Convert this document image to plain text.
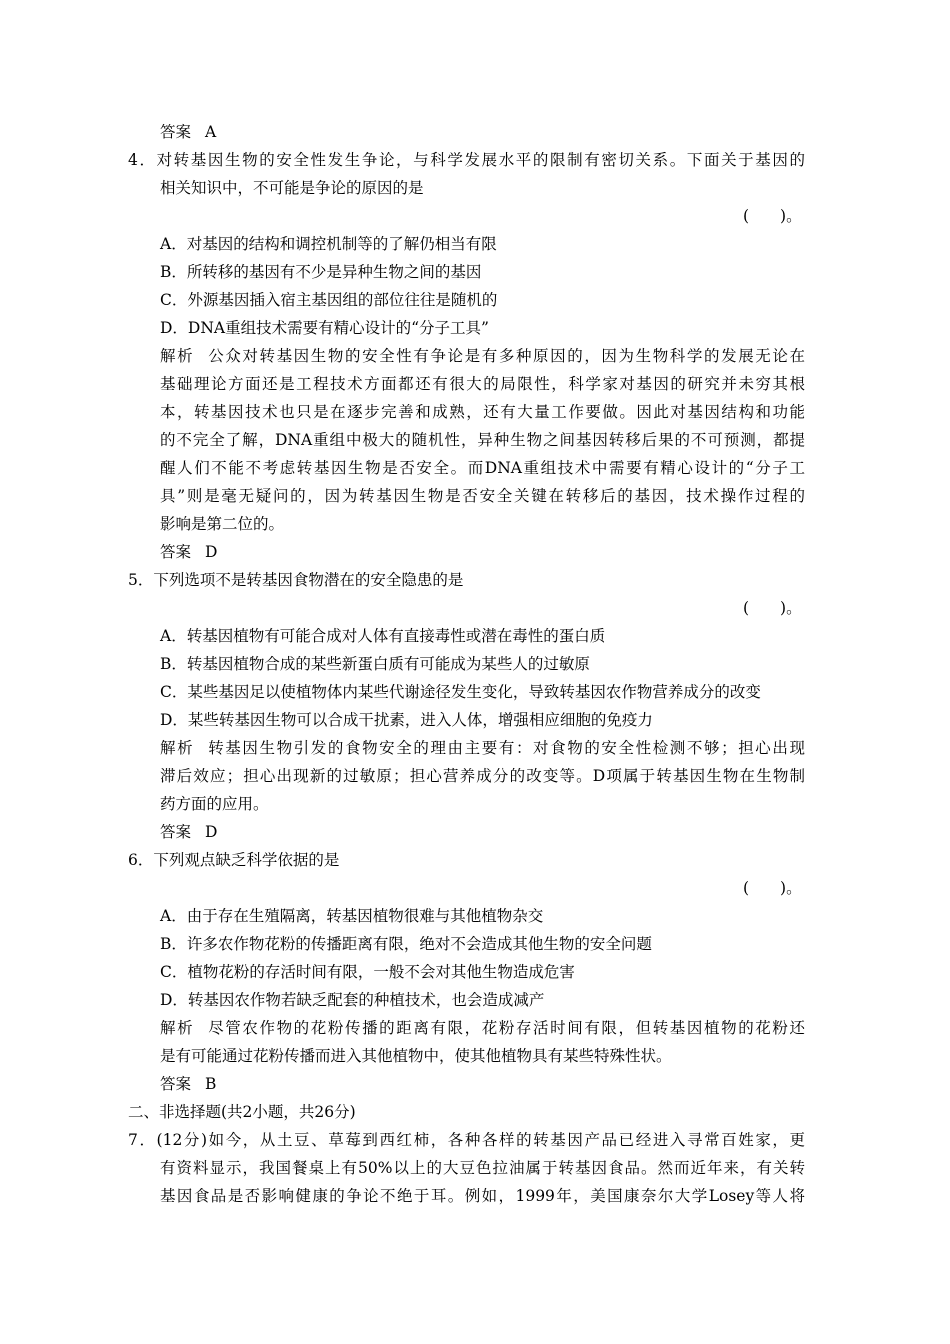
答案 A
4．对转基因生物的安全性发生争论，与科学发展水平的限制有密切关系。下面关于基因的
相关知识中，不可能是争论的原因的是
(　　)。
A．对基因的结构和调控机制等的了解仍相当有限
B．所转移的基因有不少是异种生物之间的基因
C．外源基因插入宿主基因组的部位往往是随机的
D．DNA重组技术需要有精心设计的“分子工具”
解析 公众对转基因生物的安全性有争论是有多种原因的，因为生物科学的发展无论在
基础理论方面还是工程技术方面都还有很大的局限性，科学家对基因的研究并未穷其根
本，转基因技术也只是在逐步完善和成熟，还有大量工作要做。因此对基因结构和功能
的不完全了解，DNA重组中极大的随机性，异种生物之间基因转移后果的不可预测，都提
醒人们不能不考虑转基因生物是否安全。而DNA重组技术中需要有精心设计的“分子工
具”则是毫无疑问的，因为转基因生物是否安全关键在转移后的基因，技术操作过程的
影响是第二位的。
答案 D
5．下列选项不是转基因食物潜在的安全隐患的是
(　　)。
A．转基因植物有可能合成对人体有直接毒性或潜在毒性的蛋白质
B．转基因植物合成的某些新蛋白质有可能成为某些人的过敏原
C．某些基因足以使植物体内某些代谢途径发生变化，导致转基因农作物营养成分的改变
D．某些转基因生物可以合成干扰素，进入人体，增强相应细胞的免疫力
解析 转基因生物引发的食物安全的理由主要有：对食物的安全性检测不够；担心出现
滞后效应；担心出现新的过敏原；担心营养成分的改变等。D项属于转基因生物在生物制
药方面的应用。
答案 D
6．下列观点缺乏科学依据的是
(　　)。
A．由于存在生殖隔离，转基因植物很难与其他植物杂交
B．许多农作物花粉的传播距离有限，绝对不会造成其他生物的安全问题
C．植物花粉的存活时间有限，一般不会对其他生物造成危害
D．转基因农作物若缺乏配套的种植技术，也会造成减产
解析 尽管农作物的花粉传播的距离有限，花粉存活时间有限，但转基因植物的花粉还
是有可能通过花粉传播而进入其他植物中，使其他植物具有某些特殊性状。
答案 B
二、非选择题(共2小题，共26分)
7．(12分)如今，从土豆、草莓到西红柿，各种各样的转基因产品已经进入寻常百姓家，更
有资料显示，我国餐桌上有50%以上的大豆色拉油属于转基因食品。然而近年来，有关转
基因食品是否影响健康的争论不绝于耳。例如，1999年，美国康奈尔大学Losey等人将
